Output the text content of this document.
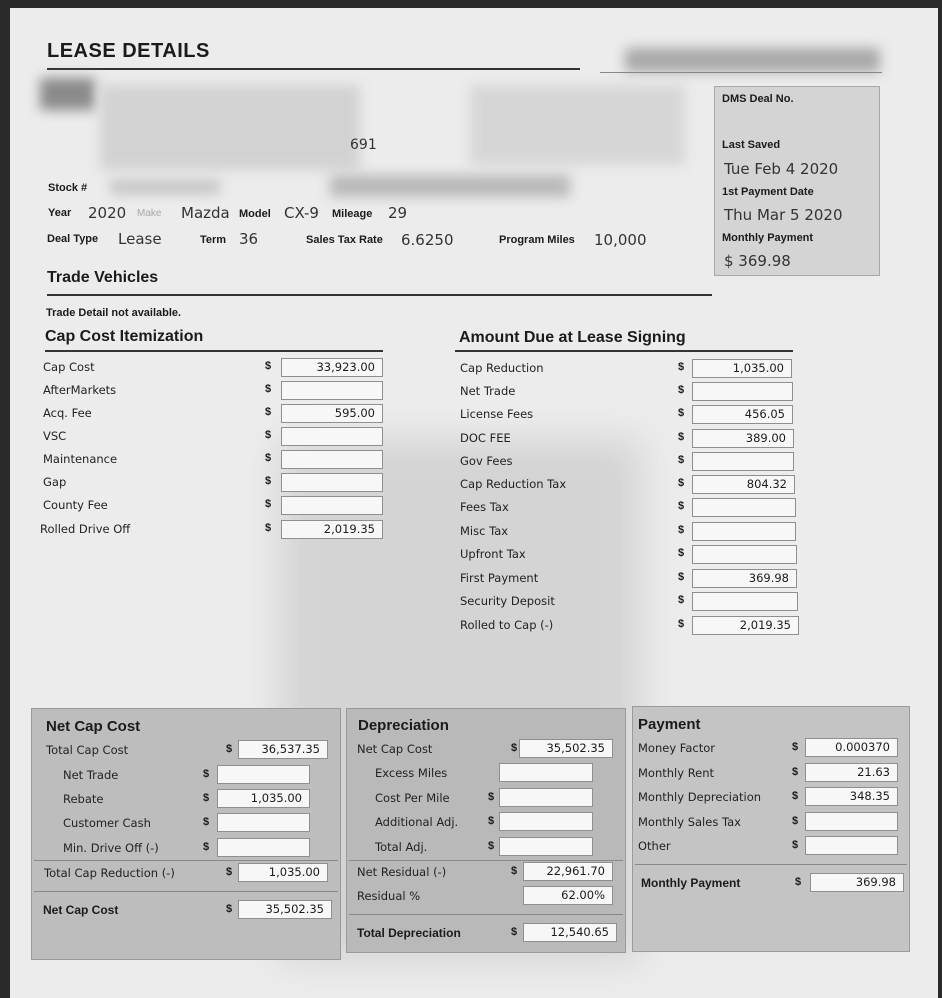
LEASE DETAILS
691
Stock #
Year 2020 Make Mazda Model CX-9 Mileage 29
Deal Type Lease	Term 36	Sales Tax Rate 6.6250	Program Miles 10,000
DMS Deal No.
Last Saved
Tue Feb 4 2020
1st Payment Date
Thu Mar 5 2020
Monthly Payment
$ 369.98
Trade Vehicles
Trade Detail not available.
Cap Cost Itemization
Cap Cost	$	33,923.00
AfterMarkets	$
Acq. Fee	$	595.00
VSC	$
Maintenance	$
Gap	$
County Fee	$
Rolled Drive Off	$	2,019.35
Amount Due at Lease Signing
Cap Reduction	$	1,035.00
Net Trade	$
License Fees	$	456.05
DOC FEE	$	389.00
Gov Fees	$
Cap Reduction Tax	$	804.32
Fees Tax	$
Misc Tax	$
Upfront Tax	$
First Payment	$	369.98
Security Deposit	$
Rolled to Cap (-)	$	2,019.35
Net Cap Cost
Total Cap Cost	$	36,537.35
Net Trade	$
Rebate	$	1,035.00
Customer Cash	$
Min. Drive Off (-)	$
Total Cap Reduction (-)	$	1,035.00
Net Cap Cost	$	35,502.35
Depreciation
Net Cap Cost	$	35,502.35
Excess Miles
Cost Per Mile	$
Additional Adj.	$
Total Adj.	$
Net Residual (-)	$	22,961.70
Residual %	62.00%
Total Depreciation	$	12,540.65
Payment
Money Factor	$	0.000370
Monthly Rent	$	21.63
Monthly Depreciation	$	348.35
Monthly Sales Tax	$
Other	$
Monthly Payment	$	369.98
